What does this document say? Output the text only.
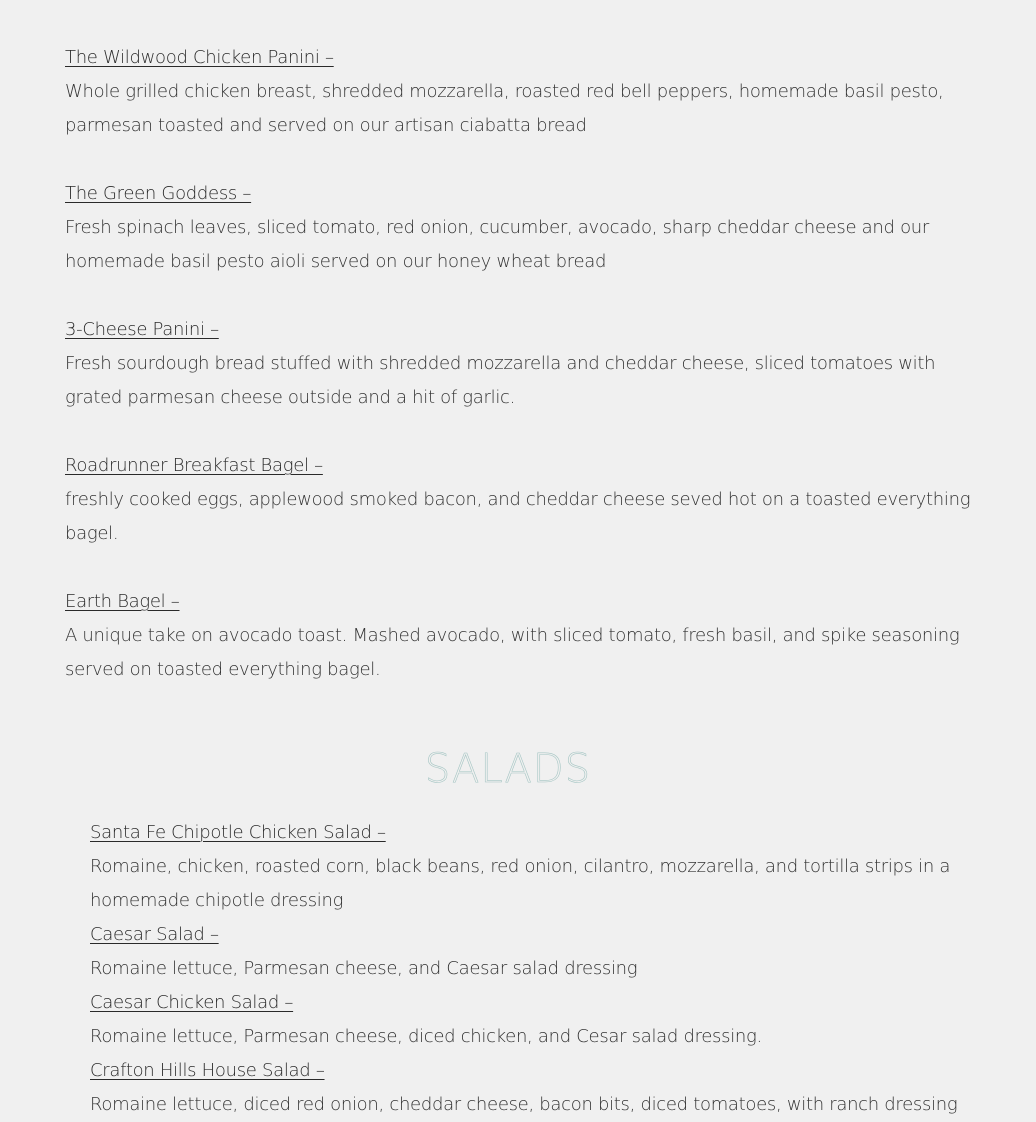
The Wildwood Chicken Panini –

Whole grilled chicken breast, shredded mozzarella, roasted red bell peppers, homemade basil pesto, parmesan toasted and served on our artisan ciabatta bread

The Green Goddess –

Fresh spinach leaves, sliced tomato, red onion, cucumber, avocado, sharp cheddar cheese and our homemade basil pesto aioli served on our honey wheat bread

3-Cheese Panini –

Fresh sourdough bread stuffed with shredded mozzarella and cheddar cheese, sliced tomatoes with grated parmesan cheese outside and a hit of garlic.

Roadrunner Breakfast Bagel –

freshly cooked eggs, applewood smoked bacon, and cheddar cheese seved hot on a toasted everything bagel.

Earth Bagel –

A unique take on avocado toast. Mashed avocado, with sliced tomato, fresh basil, and spike seasoning served on toasted everything bagel.

SALADS
Santa Fe Chipotle Chicken Salad –

Romaine, chicken, roasted corn, black beans, red onion, cilantro, mozzarella, and tortilla strips in a homemade chipotle dressing

Caesar Salad –

Romaine lettuce, Parmesan cheese, and Caesar salad dressing

Caesar Chicken Salad –

Romaine lettuce, Parmesan cheese, diced chicken, and Cesar salad dressing.

Crafton Hills House Salad –

Romaine lettuce, diced red onion, cheddar cheese, bacon bits, diced tomatoes, with ranch dressing
